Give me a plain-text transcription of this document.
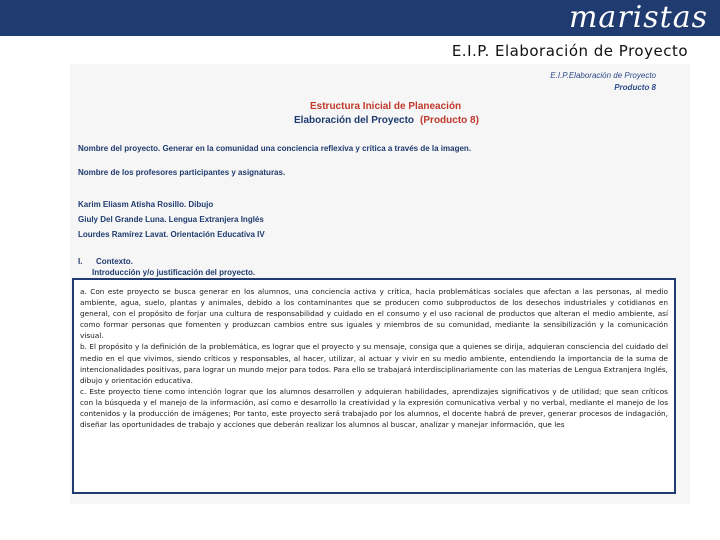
maristas
E.I.P. Elaboración de Proyecto
E.I.P.Elaboración de Proyecto
Producto 8
Estructura Inicial de Planeación
Elaboración del Proyecto (Producto 8)
Nombre del proyecto. Generar en la comunidad una conciencia reflexiva y crítica a través de la imagen.
Nombre de los profesores participantes y asignaturas.
Karim Eliasm Atisha Rosillo. Dibujo
Giuly Del Grande Luna. Lengua Extranjera Inglés
Lourdes Ramírez Lavat. Orientación Educativa IV
I. Contexto.
Introducción y/o justificación del proyecto.

a. Con este proyecto se busca generar en los alumnos, una conciencia activa y crítica, hacia problemáticas sociales que afectan a las personas, al medio ambiente, agua, suelo, plantas y animales, debido a los contaminantes que se producen como subproductos de los desechos industriales y cotidianos en general, con el propósito de forjar una cultura de responsabilidad y cuidado en el consumo y el uso racional de productos que alteran el medio ambiente, así como formar personas que fomenten y produzcan cambios entre sus iguales y miembros de su comunidad, mediante la sensibilización y la comunicación visual.

b. El propósito y la definición de la problemática, es lograr que el proyecto y su mensaje, consiga que a quienes se dirija, adquieran consciencia del cuidado del medio en el que vivimos, siendo críticos y responsables, al hacer, utilizar, al actuar y vivir en su medio ambiente, entendiendo la importancia de la suma de intencionalidades positivas, para lograr un mundo mejor para todos. Para ello se trabajará interdisciplinariamente con las materias de Lengua Extranjera Inglés, dibujo y orientación educativa.

c. Este proyecto tiene como intención lograr que los alumnos desarrollen y adquieran habilidades, aprendizajes significativos y de utilidad; que sean críticos con la búsqueda y el manejo de la información, así como e desarrollo la creatividad y la expresión comunicativa verbal y no verbal, mediante el manejo de los contenidos y la producción de imágenes; Por tanto, este proyecto será trabajado por los alumnos, el docente habrá de prever, generar procesos de indagación, diseñar las oportunidades de trabajo y acciones que deberán realizar los alumnos al buscar, analizar y manejar información, que les
